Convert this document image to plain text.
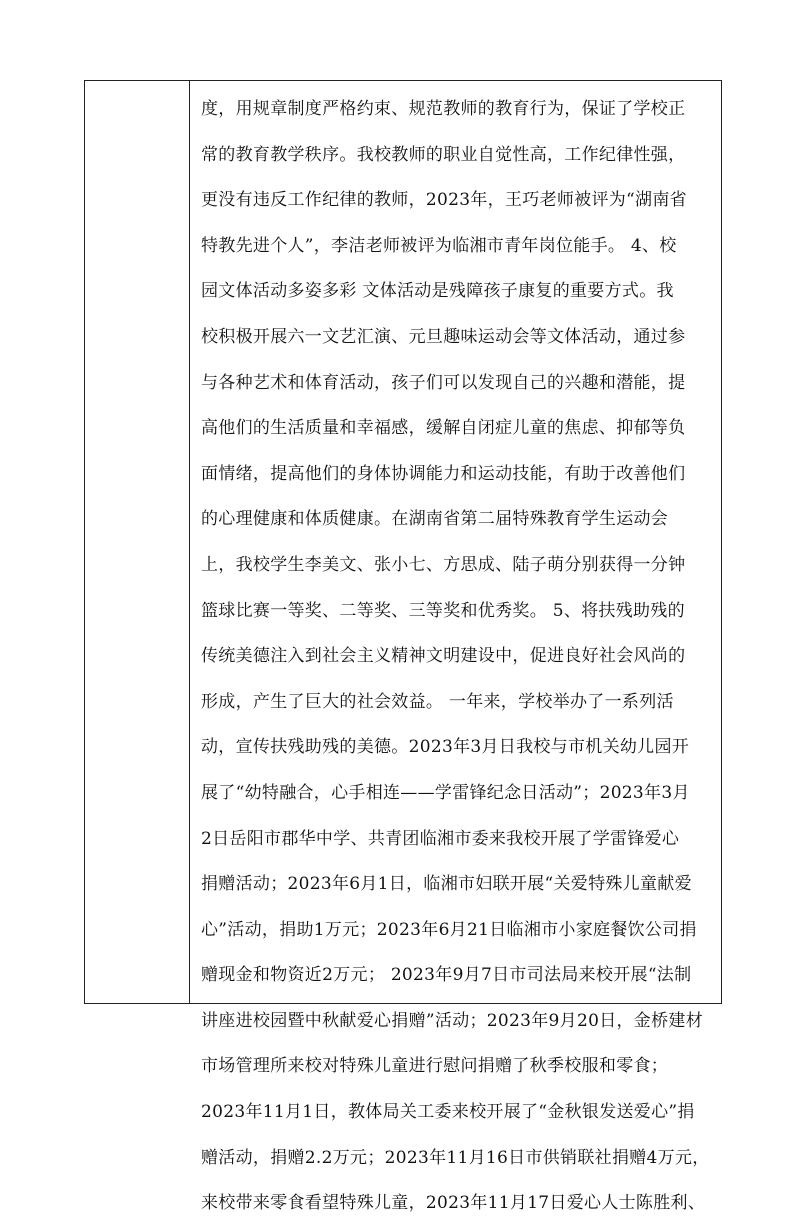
度，用规章制度严格约束、规范教师的教育行为，保证了学校正
常的教育教学秩序。我校教师的职业自觉性高，工作纪律性强，
更没有违反工作纪律的教师，2023年，王巧老师被评为“湖南省
特教先进个人”，李洁老师被评为临湘市青年岗位能手。 4、校
园文体活动多姿多彩 文体活动是残障孩子康复的重要方式。我
校积极开展六一文艺汇演、元旦趣味运动会等文体活动，通过参
与各种艺术和体育活动，孩子们可以发现自己的兴趣和潜能，提
高他们的生活质量和幸福感，缓解自闭症儿童的焦虑、抑郁等负
面情绪，提高他们的身体协调能力和运动技能，有助于改善他们
的心理健康和体质健康。在湖南省第二届特殊教育学生运动会
上，我校学生李美文、张小七、方思成、陆子萌分别获得一分钟
篮球比赛一等奖、二等奖、三等奖和优秀奖。 5、将扶残助残的
传统美德注入到社会主义精神文明建设中，促进良好社会风尚的
形成，产生了巨大的社会效益。 一年来，学校举办了一系列活
动，宣传扶残助残的美德。2023年3月日我校与市机关幼儿园开
展了“幼特融合，心手相连——学雷锋纪念日活动”；2023年3月
2日岳阳市郡华中学、共青团临湘市委来我校开展了学雷锋爱心
捐赠活动；2023年6月1日，临湘市妇联开展“关爱特殊儿童献爱
心”活动，捐助1万元；2023年6月21日临湘市小家庭餐饮公司捐
赠现金和物资近2万元； 2023年9月7日市司法局来校开展“法制
讲座进校园暨中秋献爱心捐赠”活动；2023年9月20日，金桥建材
市场管理所来校对特殊儿童进行慰问捐赠了秋季校服和零食；
2023年11月1日，教体局关工委来校开展了“金秋银发送爱心”捐
赠活动，捐赠2.2万元；2023年11月16日市供销联社捐赠4万元，
来校带来零食看望特殊儿童，2023年11月17日爱心人士陈胜利、
